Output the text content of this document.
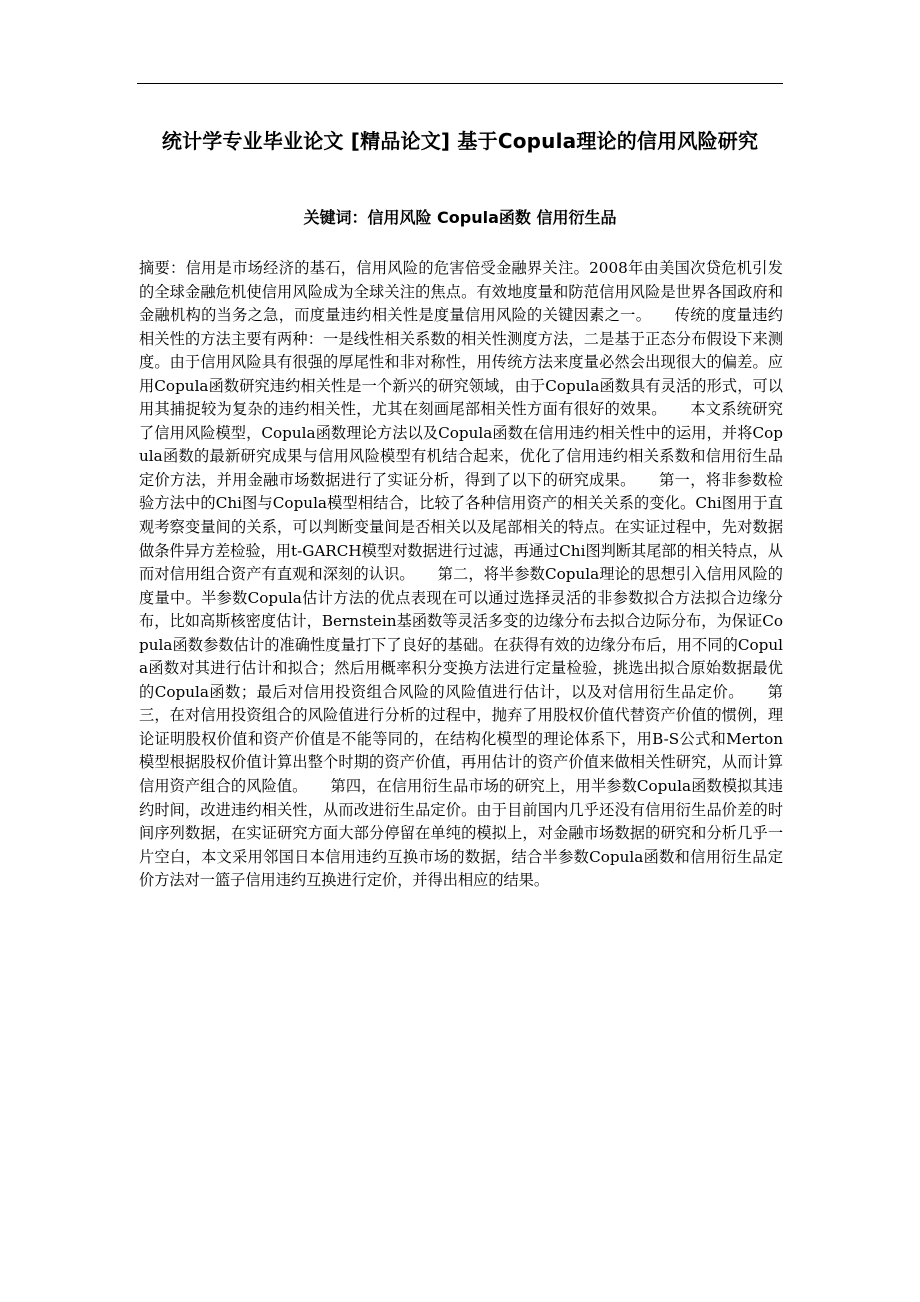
统计学专业毕业论文 [精品论文] 基于Copula理论的信用风险研究
关键词：信用风险 Copula函数 信用衍生品
摘要：信用是市场经济的基石，信用风险的危害倍受金融界关注。2008年由美国次贷危机引发的全球金融危机使信用风险成为全球关注的焦点。有效地度量和防范信用风险是世界各国政府和金融机构的当务之急，而度量违约相关性是度量信用风险的关键因素之一。　　传统的度量违约相关性的方法主要有两种：一是线性相关系数的相关性测度方法，二是基于正态分布假设下来测度。由于信用风险具有很强的厚尾性和非对称性，用传统方法来度量必然会出现很大的偏差。应用Copula函数研究违约相关性是一个新兴的研究领域，由于Copula函数具有灵活的形式，可以用其捕捉较为复杂的违约相关性，尤其在刻画尾部相关性方面有很好的效果。　　本文系统研究了信用风险模型，Copula函数理论方法以及Copula函数在信用违约相关性中的运用，并将Copula函数的最新研究成果与信用风险模型有机结合起来，优化了信用违约相关系数和信用衍生品定价方法，并用金融市场数据进行了实证分析，得到了以下的研究成果。　　第一，将非参数检验方法中的Chi图与Copula模型相结合，比较了各种信用资产的相关关系的变化。Chi图用于直观考察变量间的关系，可以判断变量间是否相关以及尾部相关的特点。在实证过程中，先对数据做条件异方差检验，用t-GARCH模型对数据进行过滤，再通过Chi图判断其尾部的相关特点，从而对信用组合资产有直观和深刻的认识。　　第二，将半参数Copula理论的思想引入信用风险的度量中。半参数Copula估计方法的优点表现在可以通过选择灵活的非参数拟合方法拟合边缘分布，比如高斯核密度估计，Bernstein基函数等灵活多变的边缘分布去拟合边际分布，为保证Copula函数参数估计的准确性度量打下了良好的基础。在获得有效的边缘分布后，用不同的Copula函数对其进行估计和拟合；然后用概率积分变换方法进行定量检验，挑选出拟合原始数据最优的Copula函数；最后对信用投资组合风险的风险值进行估计，以及对信用衍生品定价。　　第三，在对信用投资组合的风险值进行分析的过程中，抛弃了用股权价值代替资产价值的惯例，理论证明股权价值和资产价值是不能等同的，在结构化模型的理论体系下，用B-S公式和Merton模型根据股权价值计算出整个时期的资产价值，再用估计的资产价值来做相关性研究，从而计算信用资产组合的风险值。　　第四，在信用衍生品市场的研究上，用半参数Copula函数模拟其违约时间，改进违约相关性，从而改进衍生品定价。由于目前国内几乎还没有信用衍生品价差的时间序列数据，在实证研究方面大部分停留在单纯的模拟上，对金融市场数据的研究和分析几乎一片空白，本文采用邻国日本信用违约互换市场的数据，结合半参数Copula函数和信用衍生品定价方法对一篮子信用违约互换进行定价，并得出相应的结果。
